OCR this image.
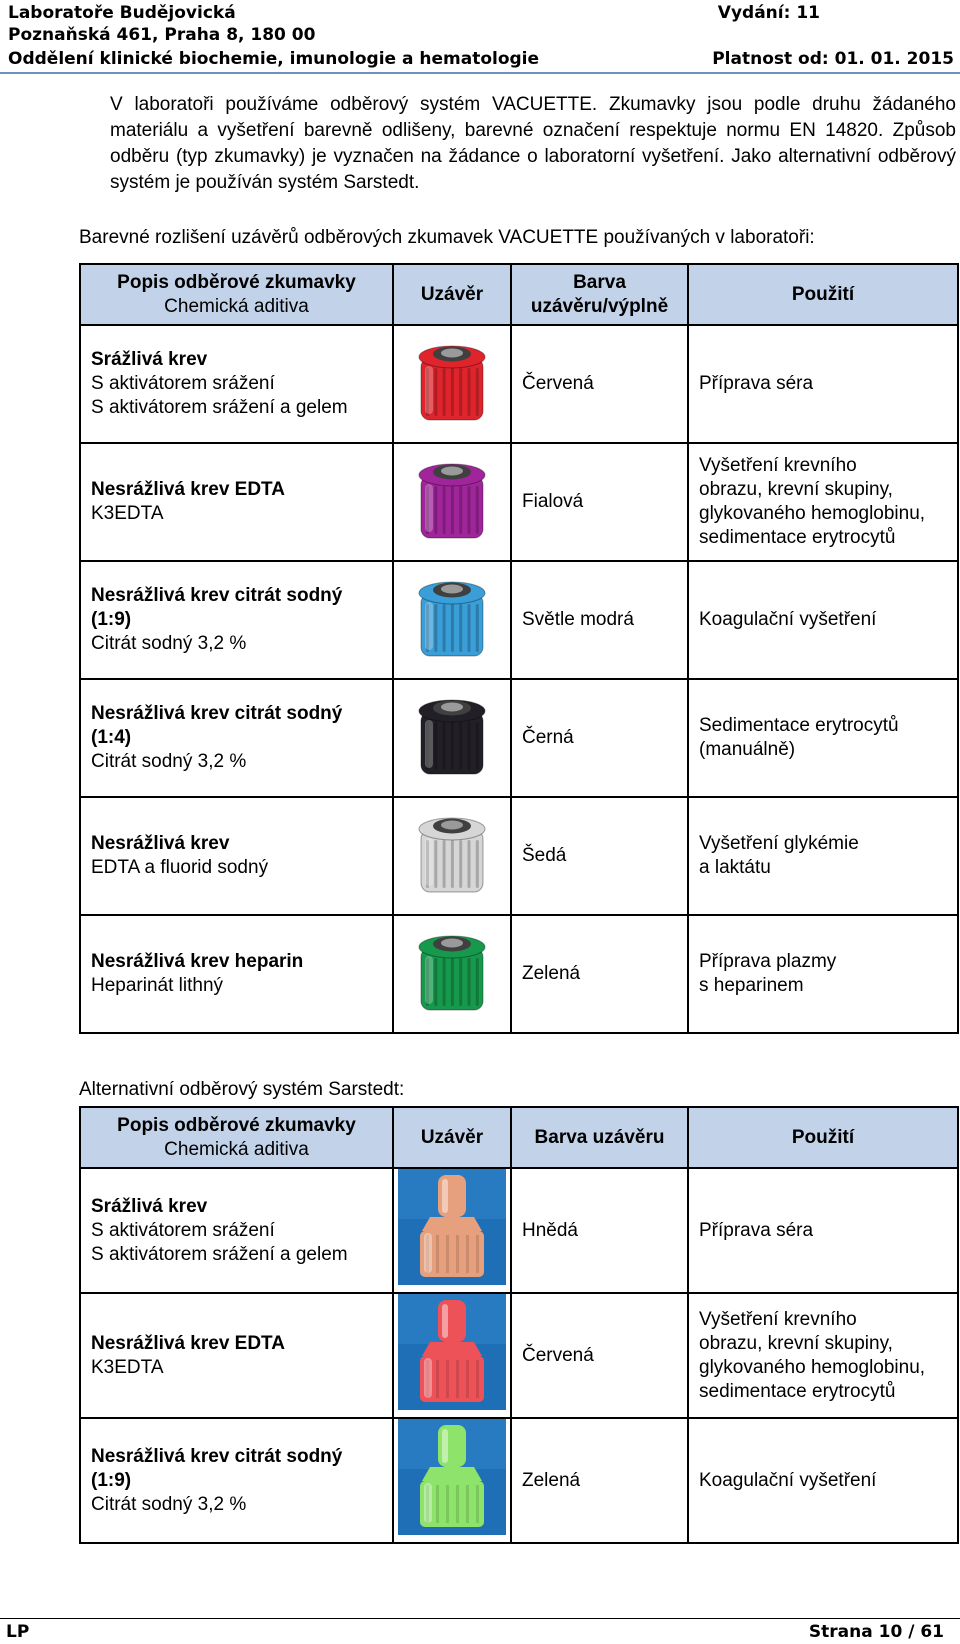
Laboratoře Budějovická	Vydání: 11
Poznaňská 461, Praha 8, 180 00
Oddělení klinické biochemie, imunologie a hematologie	Platnost od: 01. 01. 2015
V laboratoři používáme odběrový systém VACUETTE. Zkumavky jsou podle druhu žádaného materiálu a vyšetření barevně odlišeny, barevné označení respektuje normu EN 14820. Způsob odběru (typ zkumavky) je vyznačen na žádance o laboratorní vyšetření. Jako alternativní odběrový systém je používán systém Sarstedt.
Barevné rozlišení uzávěrů odběrových zkumavek VACUETTE používaných v laboratoři:
Popis odběrové zkumavky
Chemická aditiva	Uzávěr	Barva
uzávěru/výplně	Použití

Srážlivá krev
S aktivátorem srážení
S aktivátorem srážení a gelem		Červená	Příprava séra

Nesrážlivá krev EDTA
K3EDTA		Fialová	Vyšetření krevního
obrazu, krevní skupiny,
glykovaného hemoglobinu,
sedimentace erytrocytů

Nesrážlivá krev citrát sodný (1:9)
Citrát sodný 3,2 %		Světle modrá	Koagulační vyšetření

Nesrážlivá krev citrát sodný (1:4)
Citrát sodný 3,2 %		Černá	Sedimentace erytrocytů
(manuálně)

Nesrážlivá krev
EDTA a fluorid sodný		Šedá	Vyšetření glykémie
a laktátu

Nesrážlivá krev heparin
Heparinát lithný		Zelená	Příprava plazmy
s heparinem
Alternativní odběrový systém Sarstedt:
Popis odběrové zkumavky
Chemická aditiva	Uzávěr	Barva uzávěru	Použití

Srážlivá krev
S aktivátorem srážení
S aktivátorem srážení a gelem		Hnědá	Příprava séra

Nesrážlivá krev EDTA
K3EDTA		Červená	Vyšetření krevního
obrazu, krevní skupiny,
glykovaného hemoglobinu,
sedimentace erytrocytů

Nesrážlivá krev citrát sodný (1:9)
Citrát sodný 3,2 %		Zelená	Koagulační vyšetření
LP	Strana 10 / 61
